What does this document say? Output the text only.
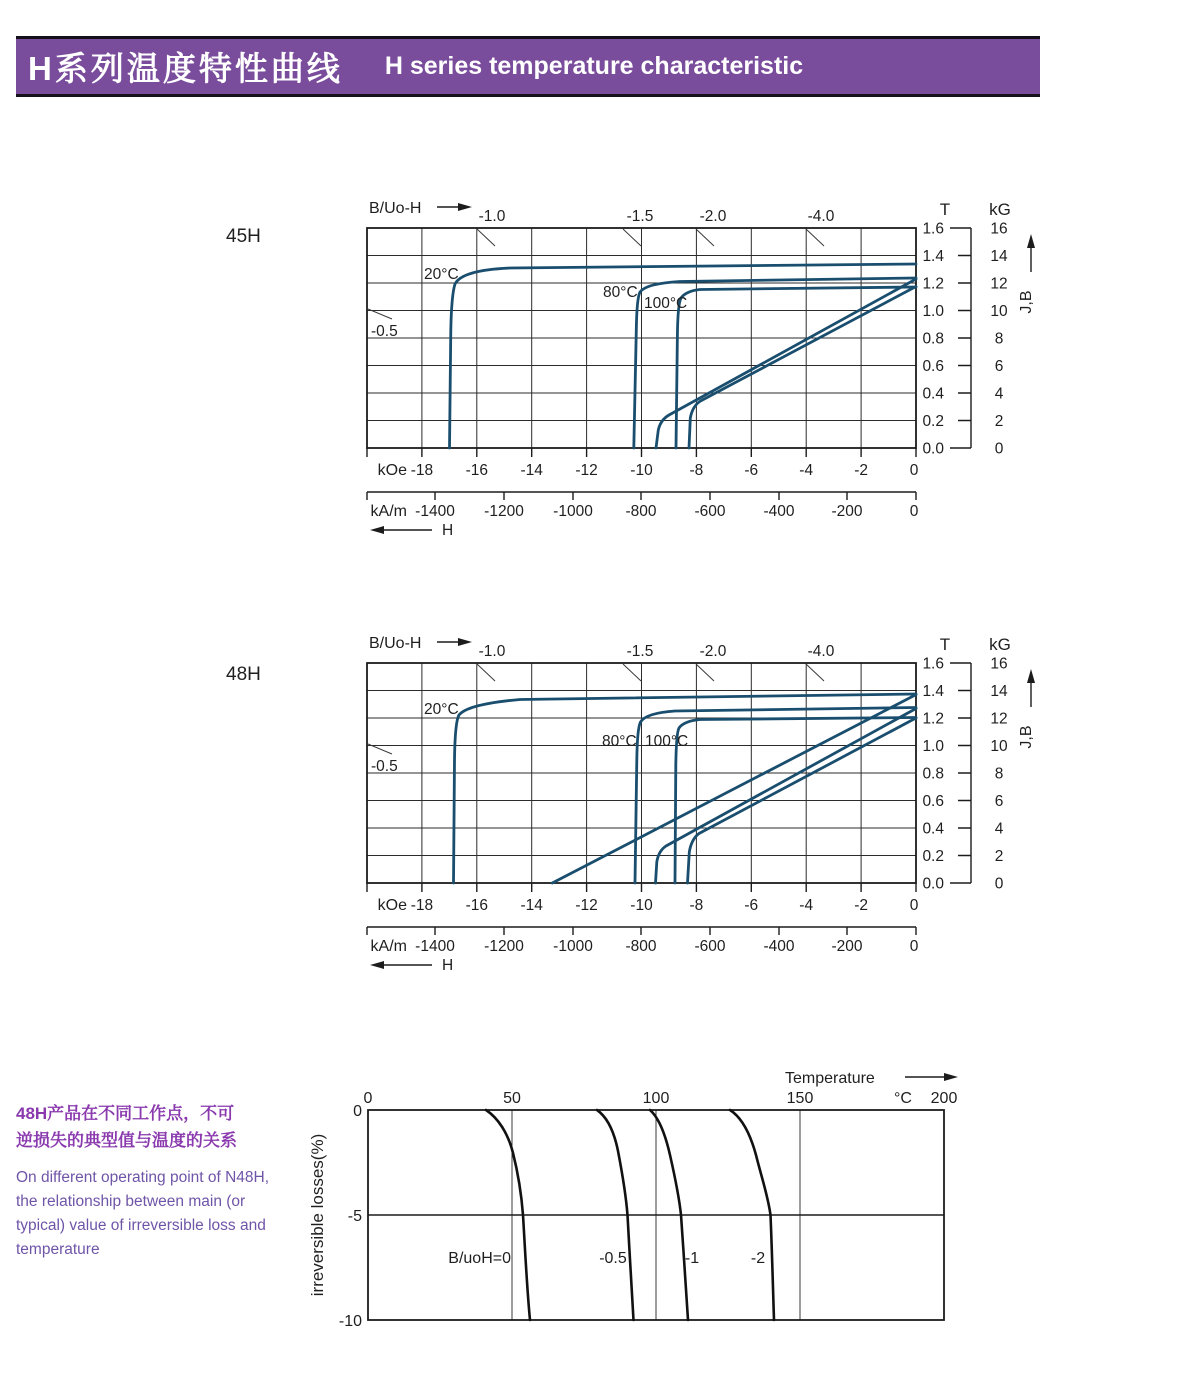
H系列温度特性曲线 H series temperature characteristic
45H
B/Uo-H	-1.0	-1.5	-2.0	-4.0
-0.5
20°C
80°C
100°C
kOe -18 -16 -14 -12 -10 -8	-6	-4	-2	0
kA/m -1400 -1200 -1000 -800 -600 -400 -200	0
H
T kG
1.6
1.4
1.2
1.0
0.8
0.6
0.4
0.2
0.0
16
14
12
10
8
6
4
2
0
J,B
48H
B/Uo-H	-1.0	-1.5	-2.0	-4.0
-0.5
20°C
80°C 100°C
kOe -18 -16 -14 -12 -10 -8	-6	-4	-2	0
kA/m -1400 -1200 -1000 -800 -600 -400 -200	0
H
T kG
1.6
1.4
1.2
1.0
0.8
0.6
0.4
0.2
0.0
16
14
12
10
8
6
4
2
0
J,B
Temperature
0	50	100	150	°C 200
0
-5
-10
irreversible losses(%)	B/uoH=0	-0.5	-1	-2
48H产品在不同工作点，不可
逆损失的典型值与温度的关系
On different operating point of N48H,
the relationship between main (or
typical) value of irreversible loss and
temperature
